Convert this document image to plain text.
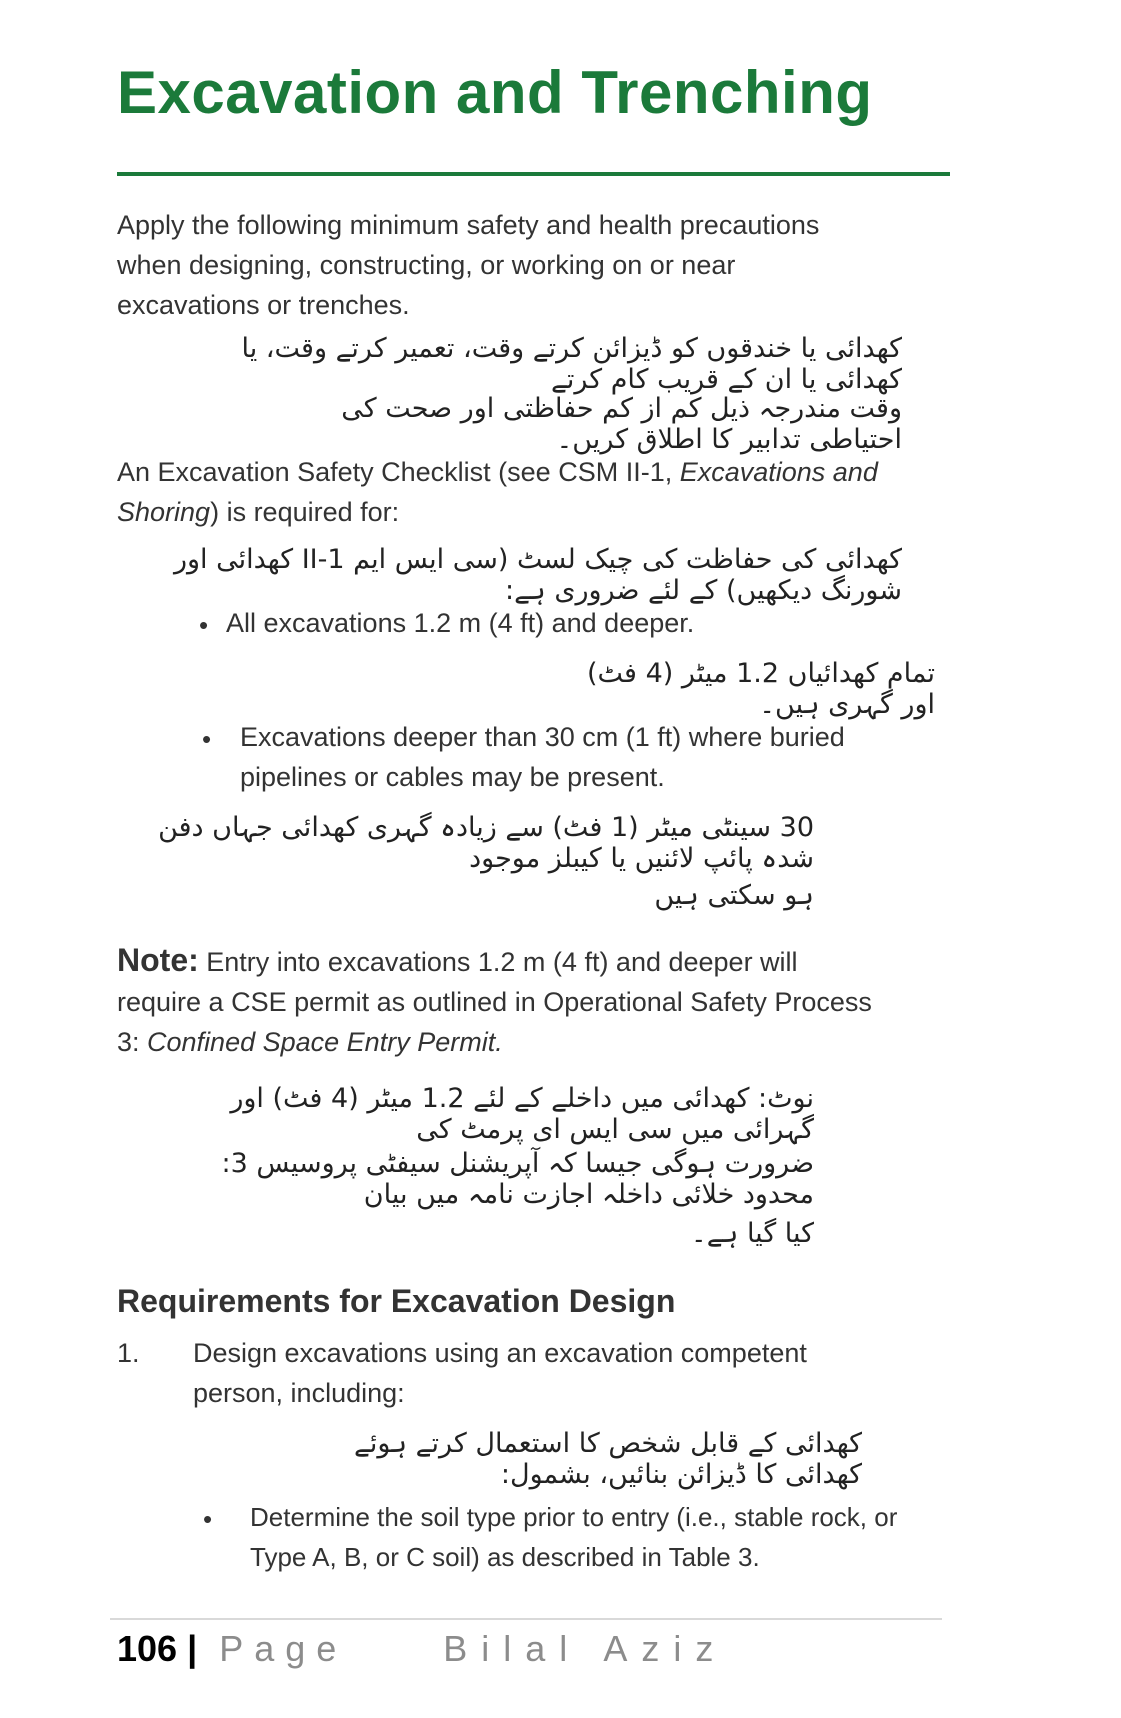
Excavation and Trenching

Apply the following minimum safety and health precautions when designing, constructing, or working on or near excavations or trenches.

کھدائی یا خندقوں کو ڈیزائن کرتے وقت، تعمیر کرتے وقت، یا کھدائی یا ان کے قریب کام کرتے

وقت مندرجہ ذیل کم از کم حفاظتی اور صحت کی احتیاطی تدابیر کا اطلاق کریں۔

An Excavation Safety Checklist (see CSM II-1, Excavations and Shoring) is required for:

کھدائی کی حفاظت کی چیک لسٹ (سی ایس ایم II-1 کھدائی اور شورنگ دیکھیں) کے لئے ضروری ہے:

• All excavations 1.2 m (4 ft) and deeper.

تمام کھدائیاں 1.2 میٹر (4 فٹ) اور گہری ہیں۔

• Excavations deeper than 30 cm (1 ft) where buried pipelines or cables may be present.

30 سینٹی میٹر (1 فٹ) سے زیادہ گہری کھدائی جہاں دفن شدہ پائپ لائنیں یا کیبلز موجود

ہو سکتی ہیں

Note: Entry into excavations 1.2 m (4 ft) and deeper will require a CSE permit as outlined in Operational Safety Process 3: Confined Space Entry Permit.

نوٹ: کھدائی میں داخلے کے لئے 1.2 میٹر (4 فٹ) اور گہرائی میں سی ایس ای پرمٹ کی

ضرورت ہوگی جیسا کہ آپریشنل سیفٹی پروسیس 3: محدود خلائی داخلہ اجازت نامہ میں بیان

کیا گیا ہے۔

Requirements for Excavation Design
1. Design excavations using an excavation competent person, including:

کھدائی کے قابل شخص کا استعمال کرتے ہوئے کھدائی کا ڈیزائن بنائیں، بشمول:

• Determine the soil type prior to entry (i.e., stable rock, or Type A, B, or C soil) as described in Table 3.

106 | Page	Bilal Aziz
